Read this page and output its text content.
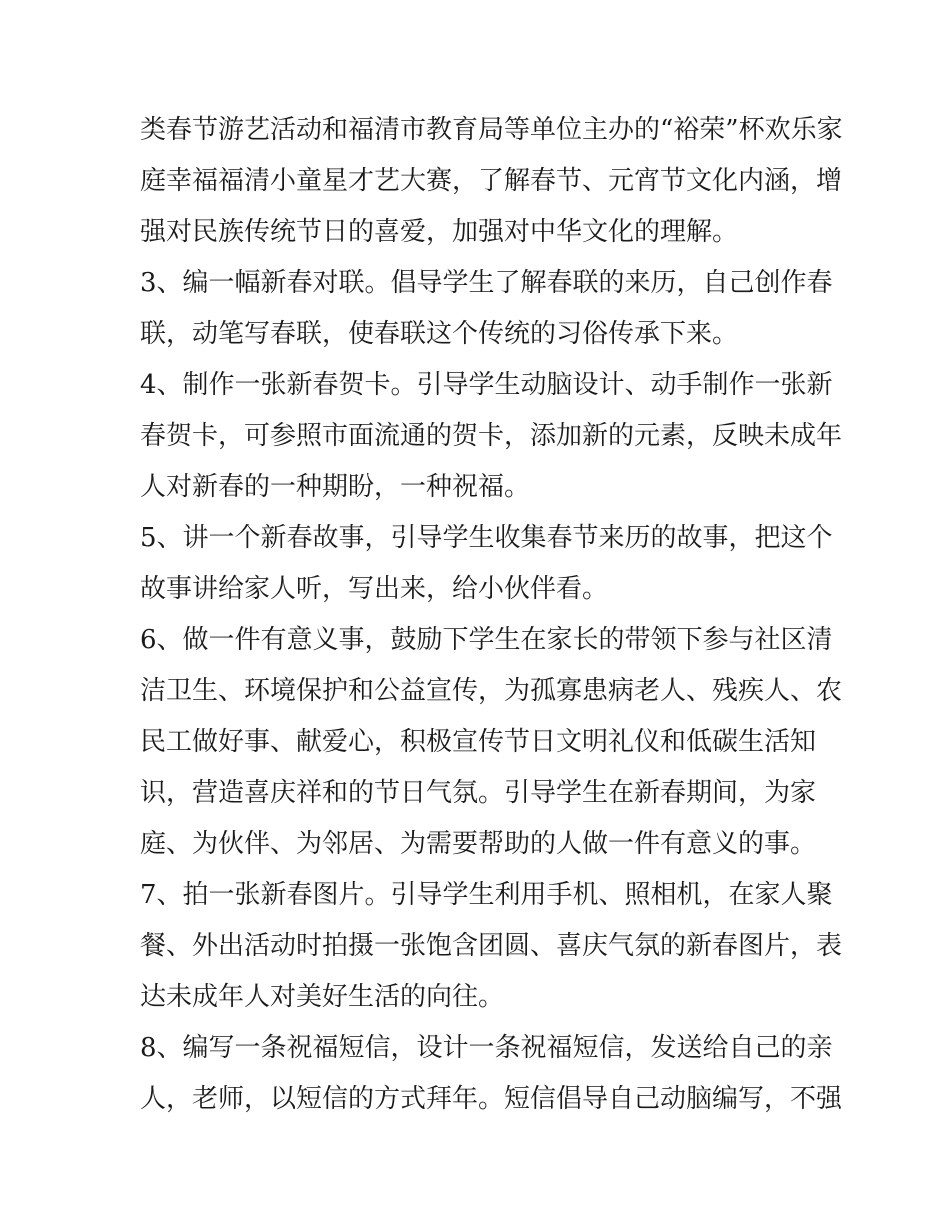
类春节游艺活动和福清市教育局等单位主办的“裕荣”杯欢乐家
庭幸福福清小童星才艺大赛，了解春节、元宵节文化内涵，增
强对民族传统节日的喜爱，加强对中华文化的理解。
3、编一幅新春对联。倡导学生了解春联的来历，自己创作春
联，动笔写春联，使春联这个传统的习俗传承下来。
4、制作一张新春贺卡。引导学生动脑设计、动手制作一张新
春贺卡，可参照市面流通的贺卡，添加新的元素，反映未成年
人对新春的一种期盼，一种祝福。
5、讲一个新春故事，引导学生收集春节来历的故事，把这个
故事讲给家人听，写出来，给小伙伴看。
6、做一件有意义事，鼓励下学生在家长的带领下参与社区清
洁卫生、环境保护和公益宣传，为孤寡患病老人、残疾人、农
民工做好事、献爱心，积极宣传节日文明礼仪和低碳生活知
识，营造喜庆祥和的节日气氛。引导学生在新春期间，为家
庭、为伙伴、为邻居、为需要帮助的人做一件有意义的事。
7、拍一张新春图片。引导学生利用手机、照相机，在家人聚
餐、外出活动时拍摄一张饱含团圆、喜庆气氛的新春图片，表
达未成年人对美好生活的向往。
8、编写一条祝福短信，设计一条祝福短信，发送给自己的亲
人，老师，以短信的方式拜年。短信倡导自己动脑编写，不强
